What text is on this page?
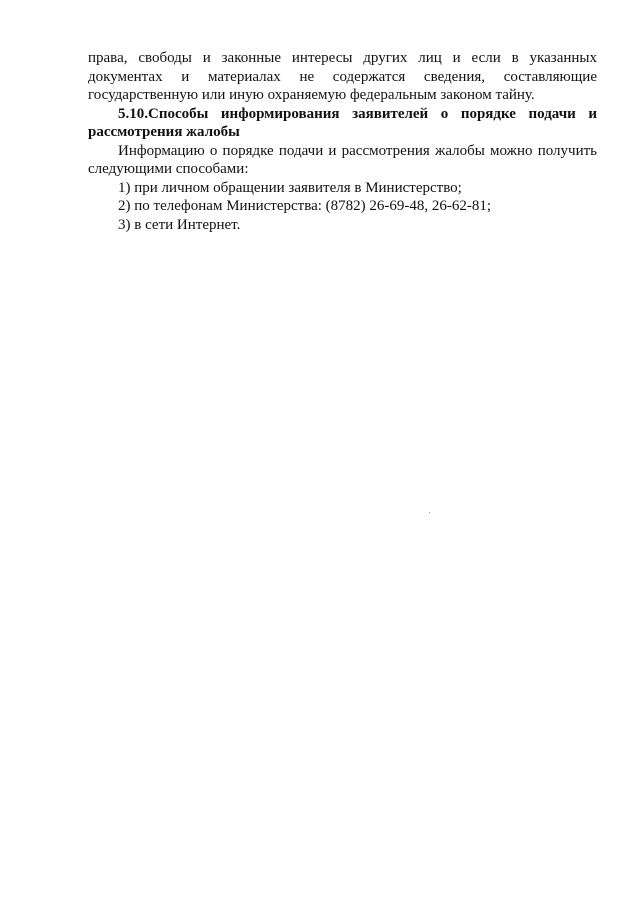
права, свободы и законные интересы других лиц и если в указанных
документах и материалах не содержатся сведения, составляющие
государственную или иную охраняемую федеральным законом тайну.

5.10.Способы информирования заявителей о порядке подачи и
рассмотрения жалобы

Информацию о порядке подачи и рассмотрения жалобы можно получить
следующими способами:

1) при личном обращении заявителя в Министерство;
2) по телефонам Министерства: (8782) 26-69-48, 26-62-81;
3) в сети Интернет.
